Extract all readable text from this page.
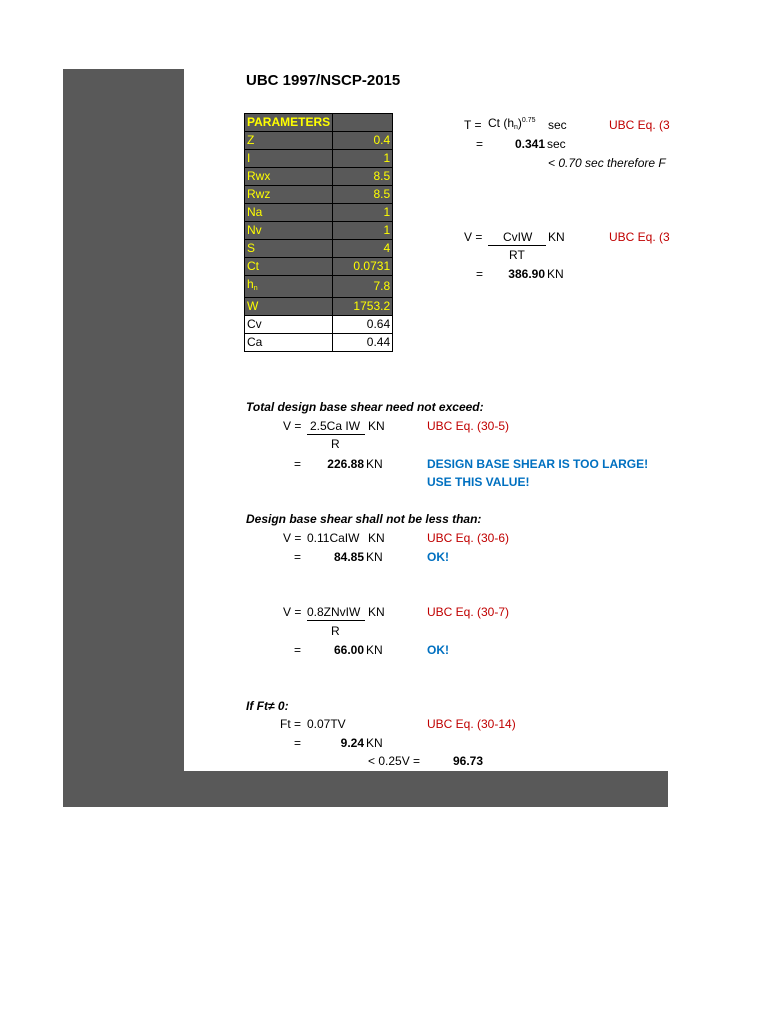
UBC 1997/NSCP-2015
PARAMETERS	
Z	0.4
I	1
Rwx	8.5
Rwz	8.5
Na	1
Nv	1
S	4
Ct	0.0731
$h_n$	7.8
W	1753.2
Cv	0.64
Ca	0.44
T = Ct $(h_n)^{0.75}$ sec	UBC Eq. (3
=	0.341 sec
< 0.70 sec therefore F
V = CvIW KN	UBC Eq. (3
RT
=	386.90 KN
Total design base shear need not exceed:
V = 2.5Ca IW KN	UBC Eq. (30-5)
R
=	226.88 KN	DESIGN BASE SHEAR IS TOO LARGE!
USE THIS VALUE!
Design base shear shall not be less than:
V = 0.11CaIW KN	UBC Eq. (30-6)
=	84.85 KN	OK!
V = 0.8ZNvIW KN	UBC Eq. (30-7)
R
=	66.00 KN	OK!
If Ft≠ 0:
Ft = 0.07TV	UBC Eq. (30-14)
=	9.24 KN
< 0.25V =	96.73
